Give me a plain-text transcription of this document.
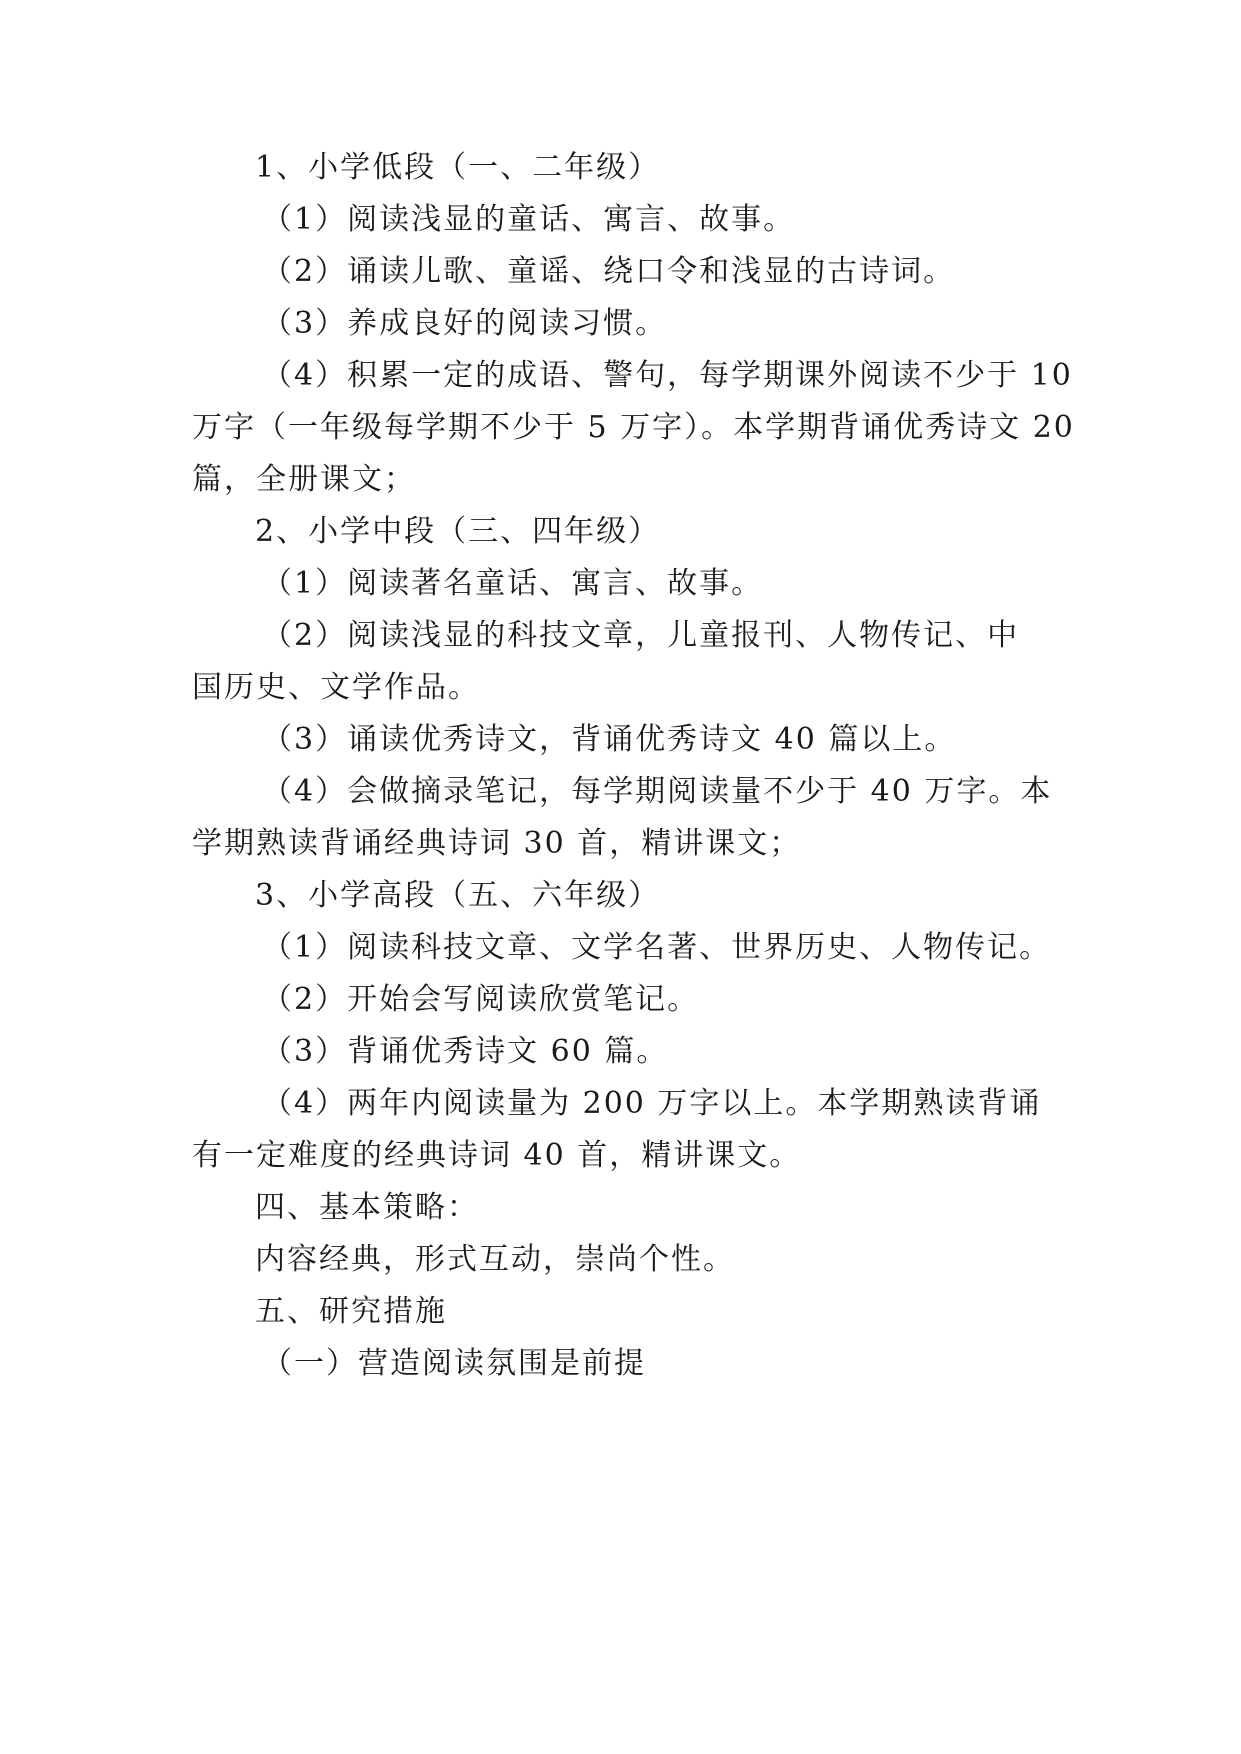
1、小学低段（一、二年级）
（1）阅读浅显的童话、寓言、故事。
（2）诵读儿歌、童谣、绕口令和浅显的古诗词。
（3）养成良好的阅读习惯。
（4）积累一定的成语、警句，每学期课外阅读不少于 10
万字（一年级每学期不少于 5 万字）。本学期背诵优秀诗文 20
篇，全册课文；
2、小学中段（三、四年级）
（1）阅读著名童话、寓言、故事。
（2）阅读浅显的科技文章，儿童报刊、人物传记、中
国历史、文学作品。
（3）诵读优秀诗文，背诵优秀诗文 40 篇以上。
（4）会做摘录笔记，每学期阅读量不少于 40 万字。本
学期熟读背诵经典诗词 30 首，精讲课文；
3、小学高段（五、六年级）
（1）阅读科技文章、文学名著、世界历史、人物传记。
（2）开始会写阅读欣赏笔记。
（3）背诵优秀诗文 60 篇。
（4）两年内阅读量为 200 万字以上。本学期熟读背诵
有一定难度的经典诗词 40 首，精讲课文。
四、基本策略：
内容经典，形式互动，崇尚个性。
五、研究措施
（一）营造阅读氛围是前提
